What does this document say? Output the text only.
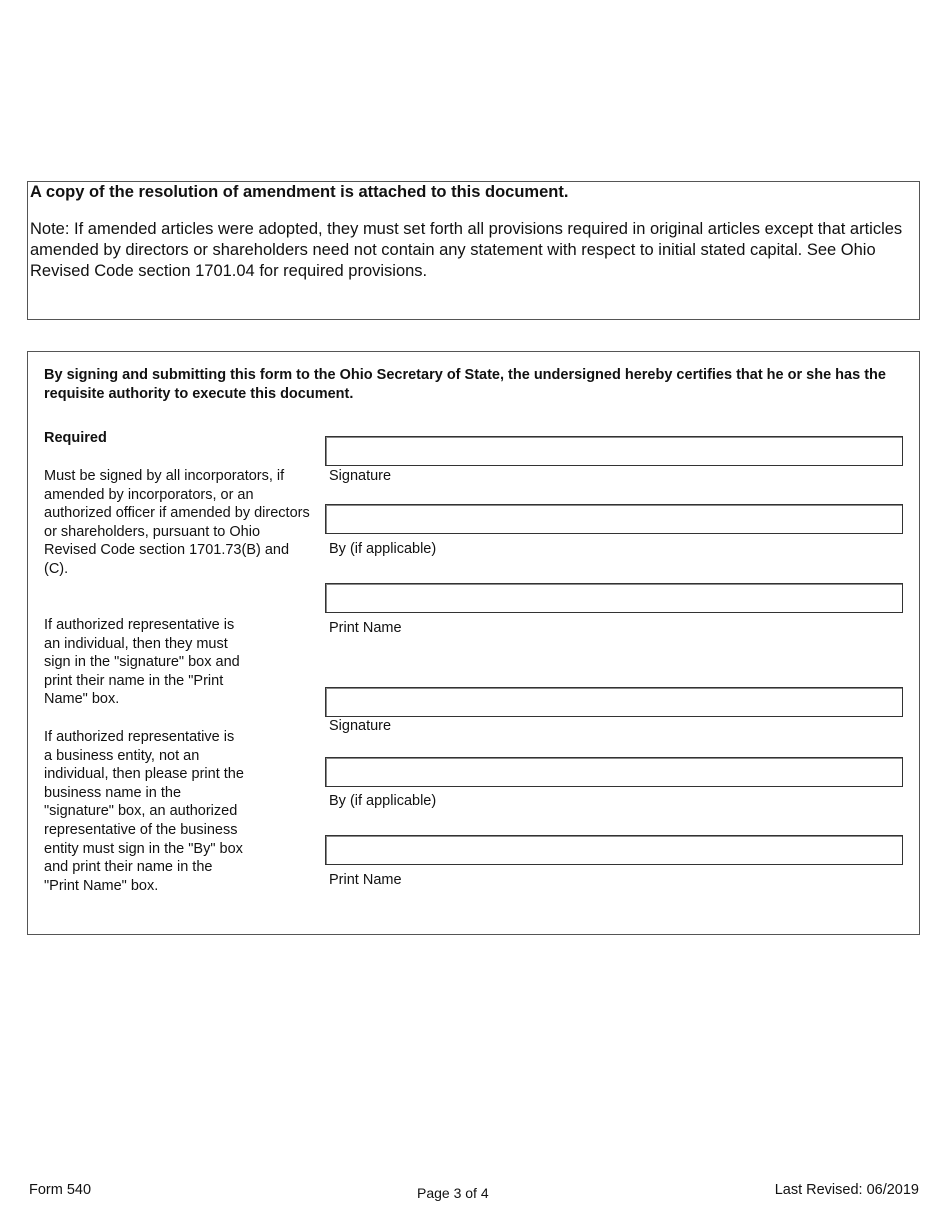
A copy of the resolution of amendment is attached to this document.
Note: If amended articles were adopted, they must set forth all provisions required in original articles except that articles amended by directors or shareholders need not contain any statement with respect to initial stated capital. See Ohio Revised Code section 1701.04 for required provisions.
By signing and submitting this form to the Ohio Secretary of State, the undersigned hereby certifies that he or she has the requisite authority to execute this document.
Required
Must be signed by all incorporators, if amended by incorporators, or an authorized officer if amended by directors or shareholders, pursuant to Ohio Revised Code section 1701.73(B) and (C).
If authorized representative is an individual, then they must sign in the "signature" box and print their name in the "Print Name" box.
If authorized representative is a business entity, not an individual, then please print the business name in the "signature" box, an authorized representative of the business entity must sign in the "By" box and print their name in the "Print Name" box.
Signature
By (if applicable)
Print Name
Signature
By (if applicable)
Print Name
Form 540	Page 3 of 4	Last Revised: 06/2019
